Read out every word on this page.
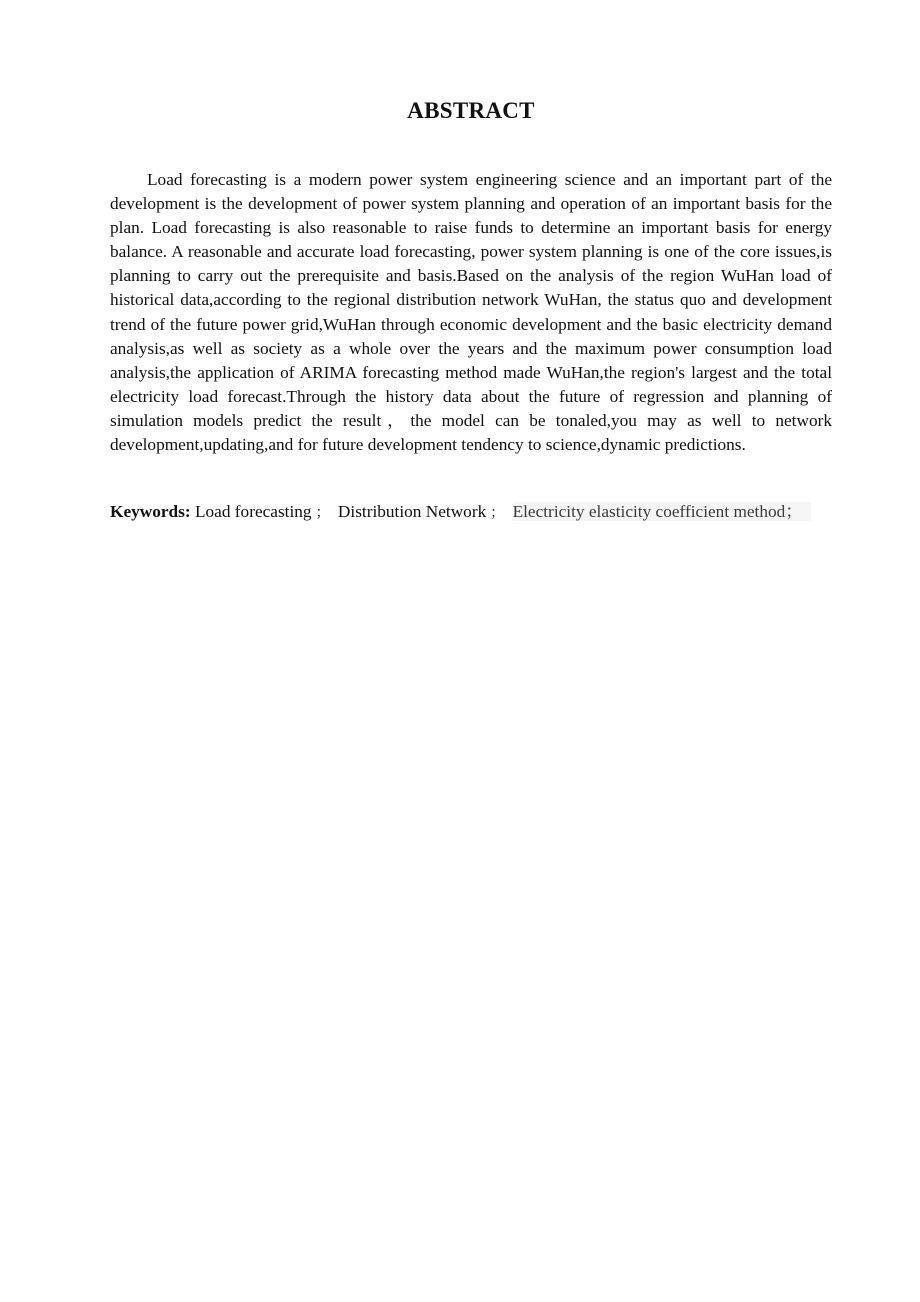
ABSTRACT

Load forecasting is a modern power system engineering science and an important part of the development is the development of power system planning and operation of an important basis for the plan. Load forecasting is also reasonable to raise funds to determine an important basis for energy balance. A reasonable and accurate load forecasting, power system planning is one of the core issues,is planning to carry out the prerequisite and basis.Based on the analysis of the region WuHan load of historical data,according to the regional distribution network WuHan, the status quo and development trend of the future power grid,WuHan through economic development and the basic electricity demand analysis,as well as society as a whole over the years and the maximum power consumption load analysis,the application of ARIMA forecasting method made WuHan,the region's largest and the total electricity load forecast.Through the history data about the future of regression and planning of simulation models predict the result，the model can be tonaled,you may as well to network development,updating,and for future development tendency to science,dynamic predictions.

Keywords: Load forecasting ； Distribution Network ； Electricity elasticity coefficient method；
